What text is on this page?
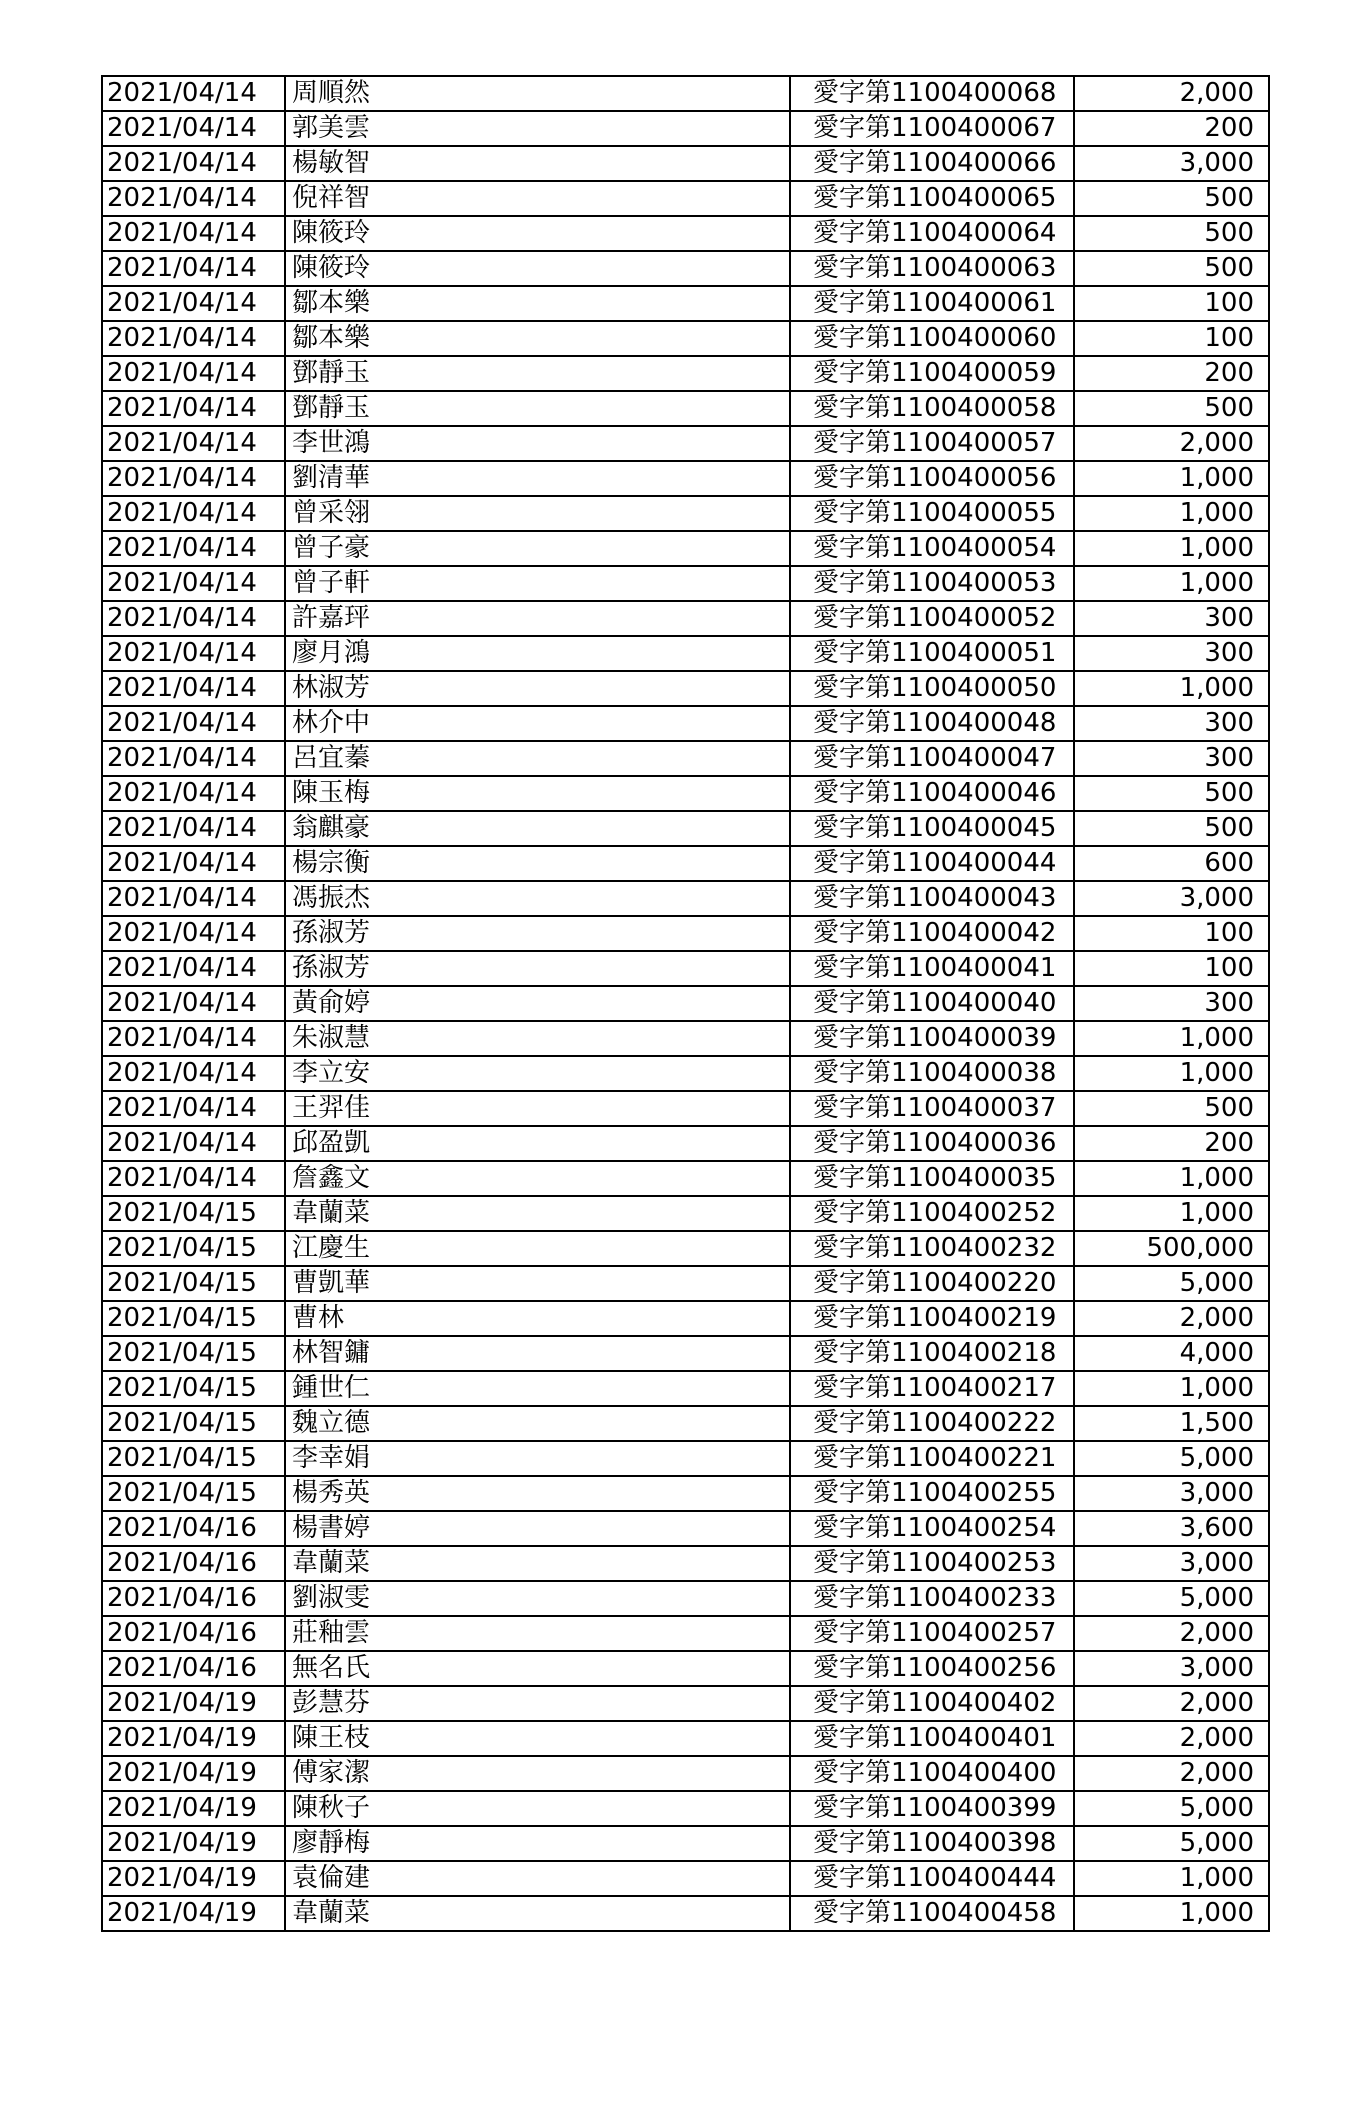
2021/04/14	周順然	愛字第1100400068	2,000
2021/04/14	郭美雲	愛字第1100400067	200
2021/04/14	楊敏智	愛字第1100400066	3,000
2021/04/14	倪祥智	愛字第1100400065	500
2021/04/14	陳筱玲	愛字第1100400064	500
2021/04/14	陳筱玲	愛字第1100400063	500
2021/04/14	鄒本樂	愛字第1100400061	100
2021/04/14	鄒本樂	愛字第1100400060	100
2021/04/14	鄧靜玉	愛字第1100400059	200
2021/04/14	鄧靜玉	愛字第1100400058	500
2021/04/14	李世鴻	愛字第1100400057	2,000
2021/04/14	劉清華	愛字第1100400056	1,000
2021/04/14	曾采翎	愛字第1100400055	1,000
2021/04/14	曾子豪	愛字第1100400054	1,000
2021/04/14	曾子軒	愛字第1100400053	1,000
2021/04/14	許嘉玶	愛字第1100400052	300
2021/04/14	廖月鴻	愛字第1100400051	300
2021/04/14	林淑芳	愛字第1100400050	1,000
2021/04/14	林介中	愛字第1100400048	300
2021/04/14	呂宜蓁	愛字第1100400047	300
2021/04/14	陳玉梅	愛字第1100400046	500
2021/04/14	翁麒豪	愛字第1100400045	500
2021/04/14	楊宗衡	愛字第1100400044	600
2021/04/14	馮振杰	愛字第1100400043	3,000
2021/04/14	孫淑芳	愛字第1100400042	100
2021/04/14	孫淑芳	愛字第1100400041	100
2021/04/14	黃俞婷	愛字第1100400040	300
2021/04/14	朱淑慧	愛字第1100400039	1,000
2021/04/14	李立安	愛字第1100400038	1,000
2021/04/14	王羿佳	愛字第1100400037	500
2021/04/14	邱盈凱	愛字第1100400036	200
2021/04/14	詹鑫文	愛字第1100400035	1,000
2021/04/15	韋蘭菜	愛字第1100400252	1,000
2021/04/15	江慶生	愛字第1100400232	500,000
2021/04/15	曹凱華	愛字第1100400220	5,000
2021/04/15	曹林	愛字第1100400219	2,000
2021/04/15	林智鏞	愛字第1100400218	4,000
2021/04/15	鍾世仁	愛字第1100400217	1,000
2021/04/15	魏立德	愛字第1100400222	1,500
2021/04/15	李幸娟	愛字第1100400221	5,000
2021/04/15	楊秀英	愛字第1100400255	3,000
2021/04/16	楊書婷	愛字第1100400254	3,600
2021/04/16	韋蘭菜	愛字第1100400253	3,000
2021/04/16	劉淑雯	愛字第1100400233	5,000
2021/04/16	莊釉雲	愛字第1100400257	2,000
2021/04/16	無名氏	愛字第1100400256	3,000
2021/04/19	彭慧芬	愛字第1100400402	2,000
2021/04/19	陳王枝	愛字第1100400401	2,000
2021/04/19	傅家潔	愛字第1100400400	2,000
2021/04/19	陳秋子	愛字第1100400399	5,000
2021/04/19	廖靜梅	愛字第1100400398	5,000
2021/04/19	袁倫建	愛字第1100400444	1,000
2021/04/19	韋蘭菜	愛字第1100400458	1,000
